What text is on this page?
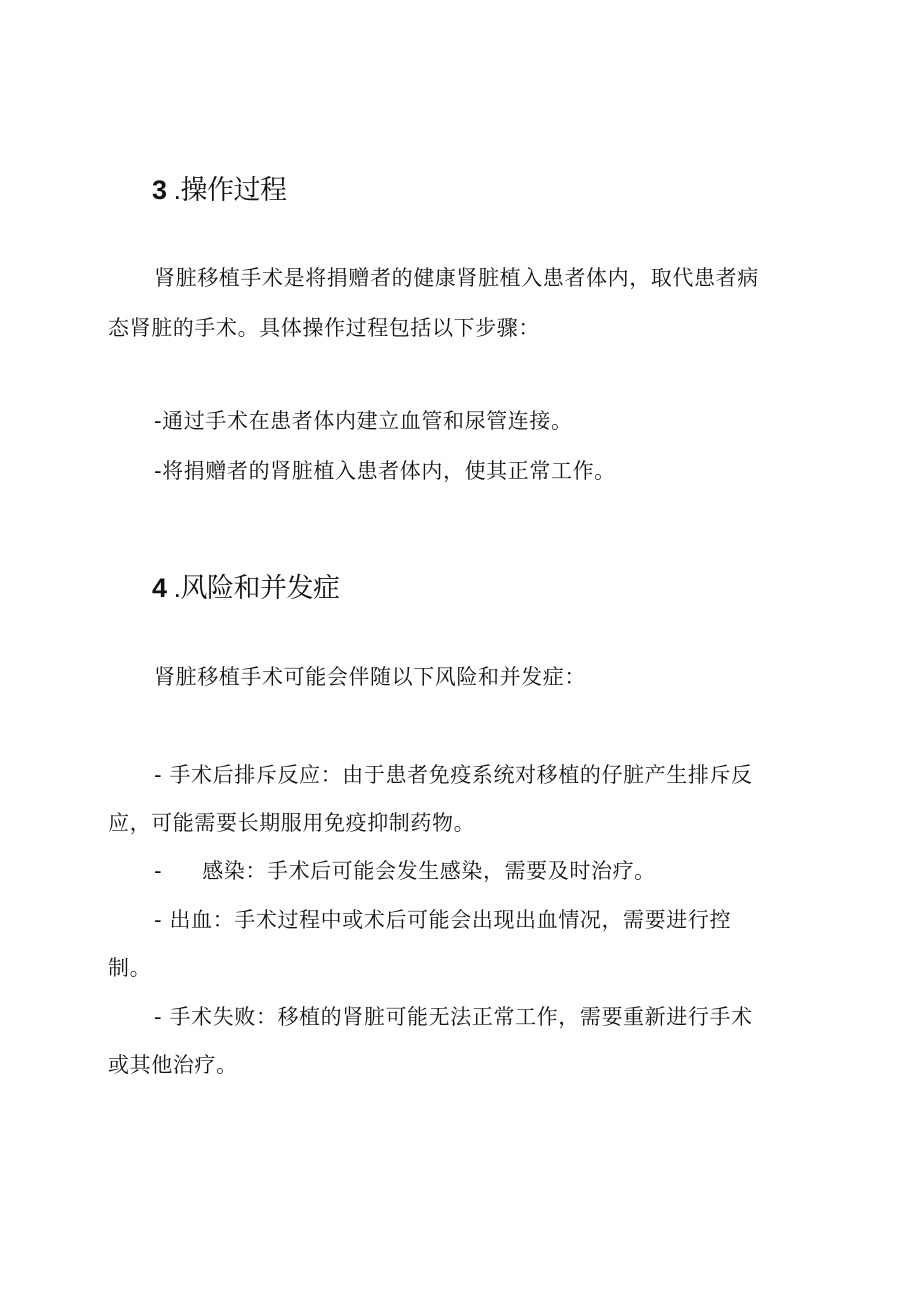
3 .操作过程

肾脏移植手术是将捐赠者的健康肾脏植入患者体内，取代患者病

态肾脏的手术。具体操作过程包括以下步骤：

-通过手术在患者体内建立血管和尿管连接。

-将捐赠者的肾脏植入患者体内，使其正常工作。

4 .风险和并发症

肾脏移植手术可能会伴随以下风险和并发症：

- 手术后排斥反应：由于患者免疫系统对移植的仔脏产生排斥反

应，可能需要长期服用免疫抑制药物。

- 感染：手术后可能会发生感染，需要及时治疗。

- 出血：手术过程中或术后可能会出现出血情况，需要进行控

制。

- 手术失败：移植的肾脏可能无法正常工作，需要重新进行手术

或其他治疗。
